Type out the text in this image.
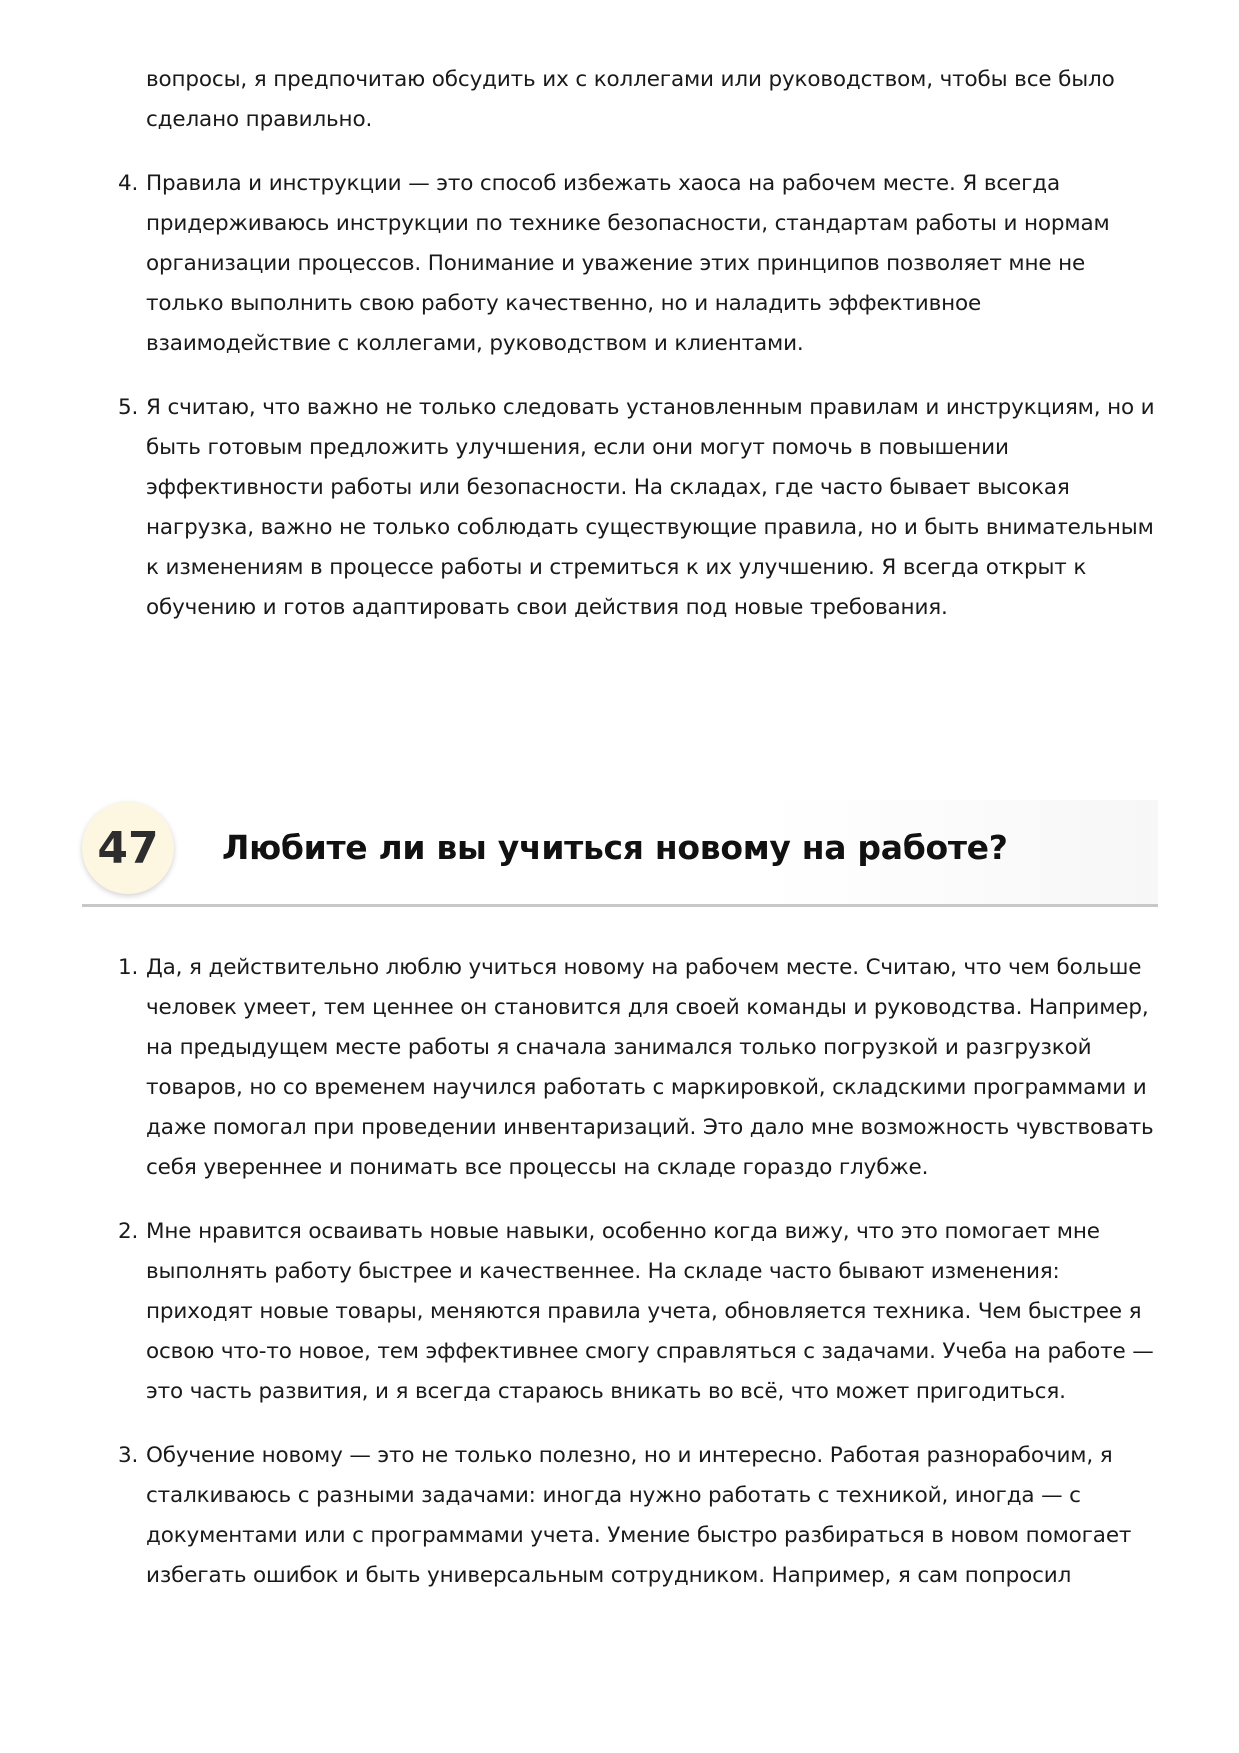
вопросы, я предпочитаю обсудить их с коллегами или руководством, чтобы все было сделано правильно.
4. Правила и инструкции — это способ избежать хаоса на рабочем месте. Я всегда придерживаюсь инструкции по технике безопасности, стандартам работы и нормам организации процессов. Понимание и уважение этих принципов позволяет мне не только выполнить свою работу качественно, но и наладить эффективное взаимодействие с коллегами, руководством и клиентами.
5. Я считаю, что важно не только следовать установленным правилам и инструкциям, но и быть готовым предложить улучшения, если они могут помочь в повышении эффективности работы или безопасности. На складах, где часто бывает высокая нагрузка, важно не только соблюдать существующие правила, но и быть внимательным к изменениям в процессе работы и стремиться к их улучшению. Я всегда открыт к обучению и готов адаптировать свои действия под новые требования.
47	Любите ли вы учиться новому на работе?
1. Да, я действительно люблю учиться новому на рабочем месте. Считаю, что чем больше человек умеет, тем ценнее он становится для своей команды и руководства. Например, на предыдущем месте работы я сначала занимался только погрузкой и разгрузкой товаров, но со временем научился работать с маркировкой, складскими программами и даже помогал при проведении инвентаризаций. Это дало мне возможность чувствовать себя увереннее и понимать все процессы на складе гораздо глубже.
2. Мне нравится осваивать новые навыки, особенно когда вижу, что это помогает мне выполнять работу быстрее и качественнее. На складе часто бывают изменения: приходят новые товары, меняются правила учета, обновляется техника. Чем быстрее я освою что-то новое, тем эффективнее смогу справляться с задачами. Учеба на работе — это часть развития, и я всегда стараюсь вникать во всё, что может пригодиться.
3. Обучение новому — это не только полезно, но и интересно. Работая разнорабочим, я сталкиваюсь с разными задачами: иногда нужно работать с техникой, иногда — с документами или с программами учета. Умение быстро разбираться в новом помогает избегать ошибок и быть универсальным сотрудником. Например, я сам попросил
